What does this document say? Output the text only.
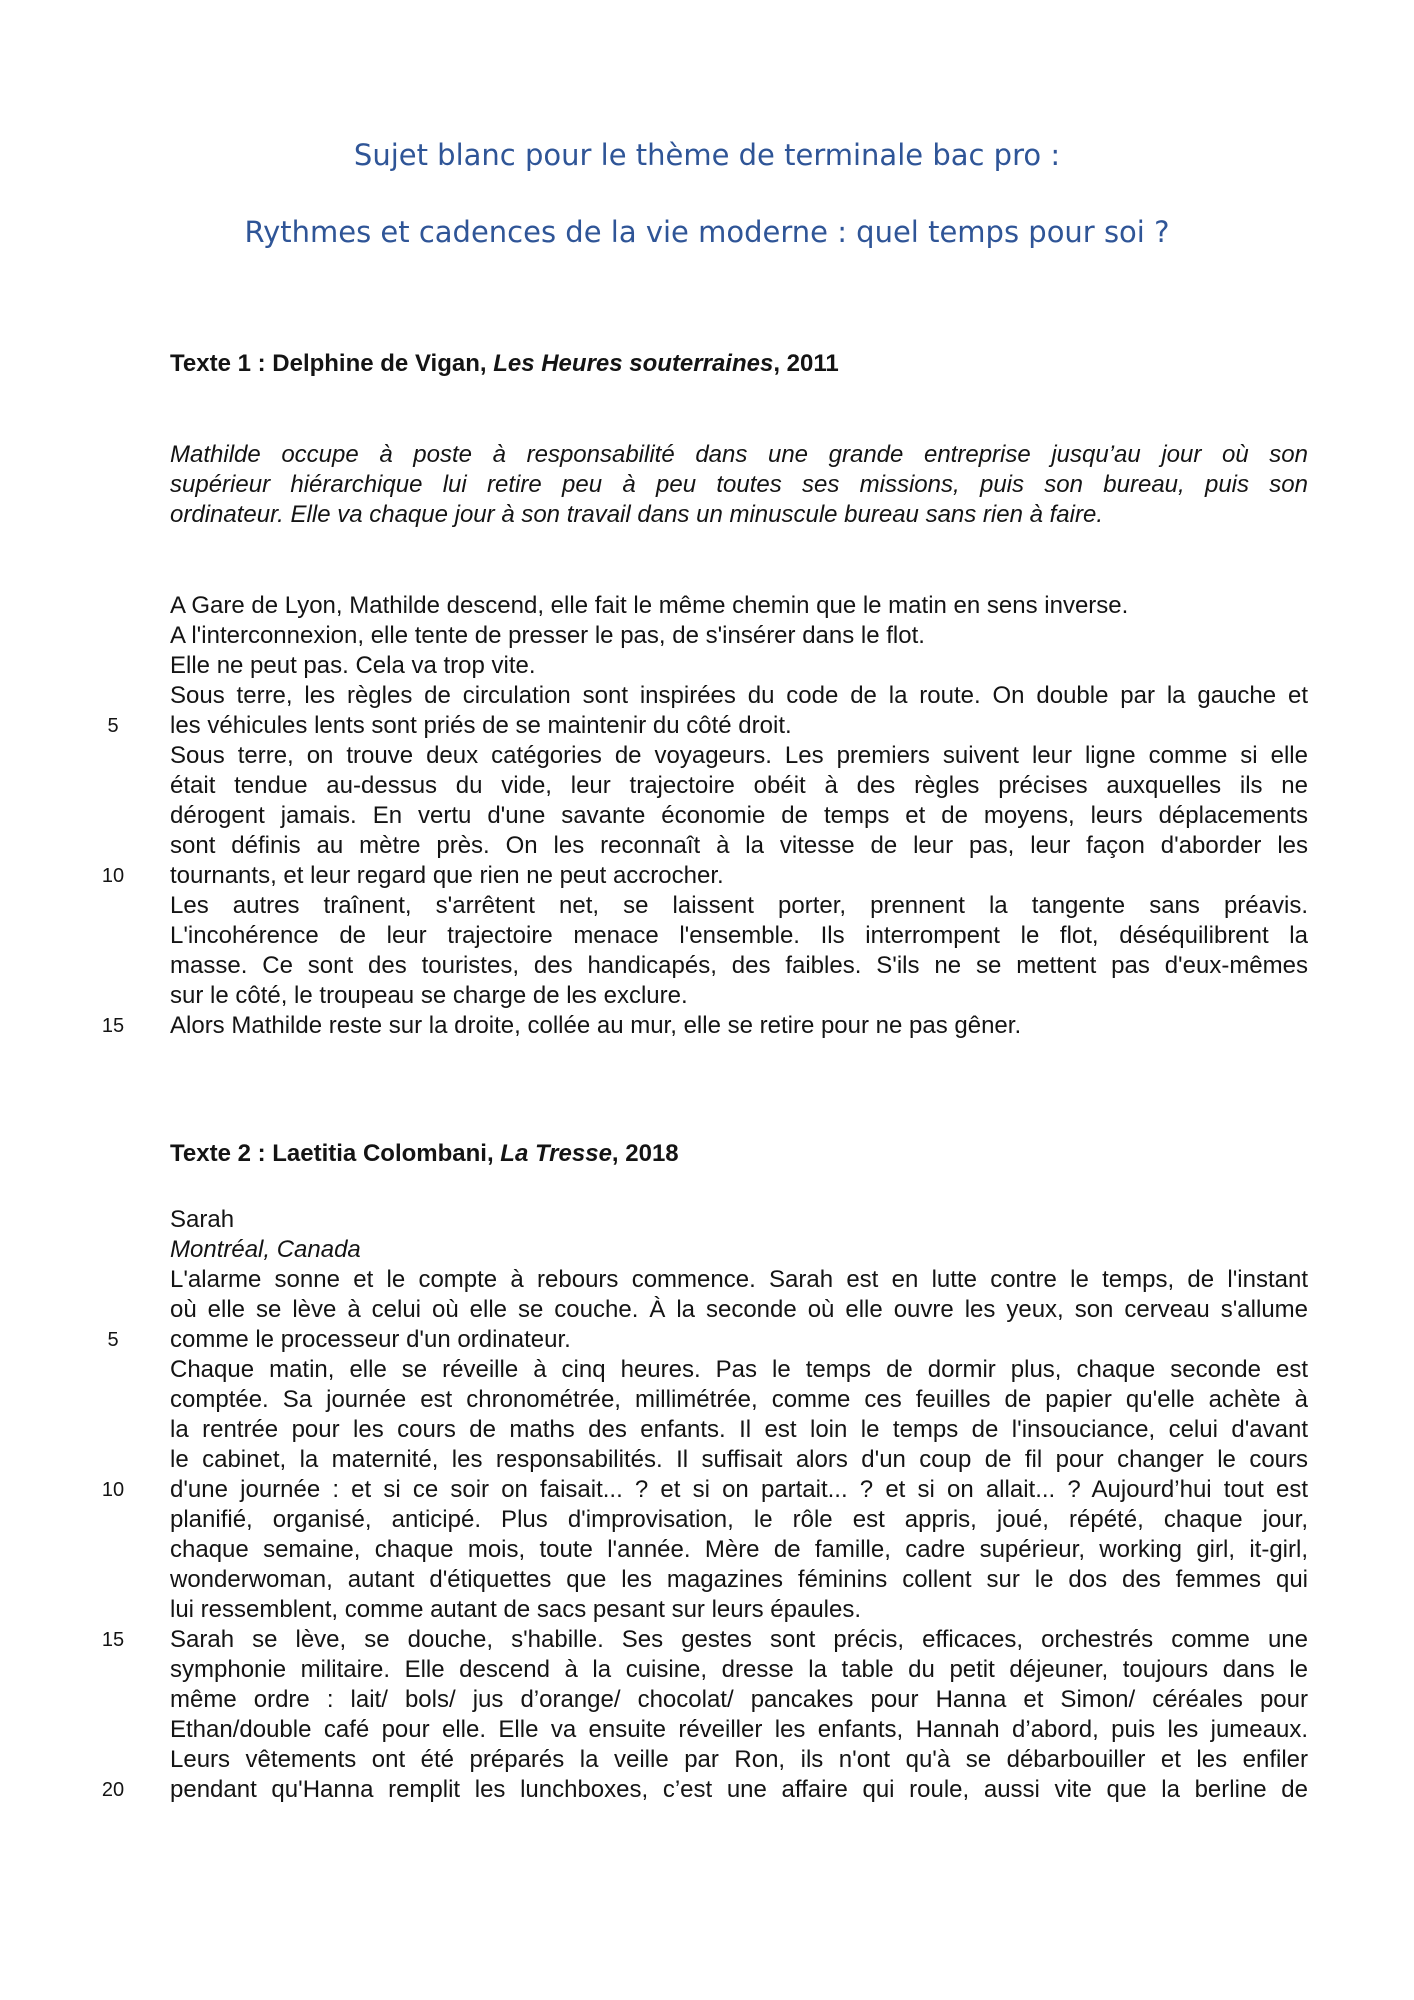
Sujet blanc pour le thème de terminale bac pro :
Rythmes et cadences de la vie moderne : quel temps pour soi ?
Texte 1 : Delphine de Vigan, Les Heures souterraines, 2011
Mathilde occupe à poste à responsabilité dans une grande entreprise jusqu’au jour où son
supérieur hiérarchique lui retire peu à peu toutes ses missions, puis son bureau, puis son
ordinateur. Elle va chaque jour à son travail dans un minuscule bureau sans rien à faire.
A Gare de Lyon, Mathilde descend, elle fait le même chemin que le matin en sens inverse.
A l'interconnexion, elle tente de presser le pas, de s'insérer dans le flot.
Elle ne peut pas. Cela va trop vite.
Sous terre, les règles de circulation sont inspirées du code de la route. On double par la gauche et
les véhicules lents sont priés de se maintenir du côté droit.
Sous terre, on trouve deux catégories de voyageurs. Les premiers suivent leur ligne comme si elle
était tendue au-dessus du vide, leur trajectoire obéit à des règles précises auxquelles ils ne
dérogent jamais. En vertu d'une savante économie de temps et de moyens, leurs déplacements
sont définis au mètre près. On les reconnaît à la vitesse de leur pas, leur façon d'aborder les
tournants, et leur regard que rien ne peut accrocher.
Les autres traînent, s'arrêtent net, se laissent porter, prennent la tangente sans préavis.
L'incohérence de leur trajectoire menace l'ensemble. Ils interrompent le flot, déséquilibrent la
masse. Ce sont des touristes, des handicapés, des faibles. S'ils ne se mettent pas d'eux-mêmes
sur le côté, le troupeau se charge de les exclure.
Alors Mathilde reste sur la droite, collée au mur, elle se retire pour ne pas gêner.
5
10
15
Texte 2 : Laetitia Colombani, La Tresse, 2018
Sarah
Montréal, Canada
L'alarme sonne et le compte à rebours commence. Sarah est en lutte contre le temps, de l'instant
où elle se lève à celui où elle se couche. À la seconde où elle ouvre les yeux, son cerveau s'allume
comme le processeur d'un ordinateur.
Chaque matin, elle se réveille à cinq heures. Pas le temps de dormir plus, chaque seconde est
comptée. Sa journée est chronométrée, millimétrée, comme ces feuilles de papier qu'elle achète à
la rentrée pour les cours de maths des enfants. Il est loin le temps de l'insouciance, celui d'avant
le cabinet, la maternité, les responsabilités. Il suffisait alors d'un coup de fil pour changer le cours
d'une journée : et si ce soir on faisait... ? et si on partait... ? et si on allait... ? Aujourd’hui tout est
planifié, organisé, anticipé. Plus d'improvisation, le rôle est appris, joué, répété, chaque jour,
chaque semaine, chaque mois, toute l'année. Mère de famille, cadre supérieur, working girl, it-girl,
wonderwoman, autant d'étiquettes que les magazines féminins collent sur le dos des femmes qui
lui ressemblent, comme autant de sacs pesant sur leurs épaules.
Sarah se lève, se douche, s'habille. Ses gestes sont précis, efficaces, orchestrés comme une
symphonie militaire. Elle descend à la cuisine, dresse la table du petit déjeuner, toujours dans le
même ordre : lait/ bols/ jus d’orange/ chocolat/ pancakes pour Hanna et Simon/ céréales pour
Ethan/double café pour elle. Elle va ensuite réveiller les enfants, Hannah d’abord, puis les jumeaux.
Leurs vêtements ont été préparés la veille par Ron, ils n'ont qu'à se débarbouiller et les enfiler
pendant qu'Hanna remplit les lunchboxes, c’est une affaire qui roule, aussi vite que la berline de
5
10
15
20
